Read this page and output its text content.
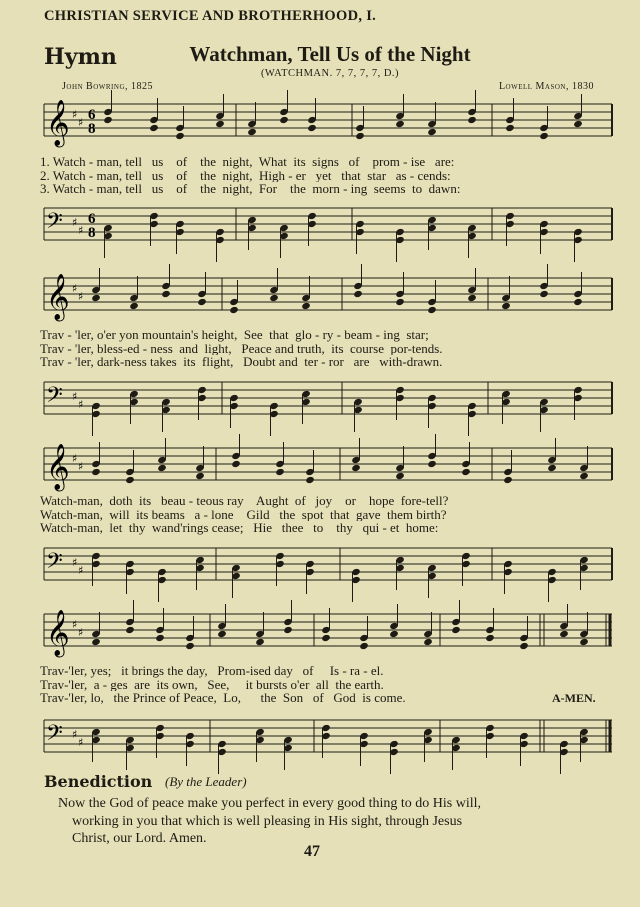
CHRISTIAN SERVICE AND BROTHERHOOD, I.
Hymn	Watchman, Tell Us of the Night
(WATCHMAN. 7, 7, 7, 7, D.)
John Bowring, 1825	Lowell Mason, 1830
𝄞 ♯
♯ 6
8
1. Watch - man, tell   us    of    the  night,  What  its  signs   of    prom - ise   are:
2. Watch - man, tell   us    of    the  night,  High - er   yet   that  star   as - cends:
3. Watch - man, tell   us    of    the  night,  For    the  morn - ing  seems  to  dawn:
𝄢 ♯
♯
6
8
𝄞 ♯
♯
Trav - 'ler, o'er yon mountain's height,  See  that  glo - ry - beam - ing  star;
Trav - 'ler, bless-ed - ness  and  light,   Peace and truth,  its  course  por-tends.
Trav - 'ler, dark-ness takes  its  flight,   Doubt and  ter - ror   are   with-drawn.
𝄢 ♯
♯
𝄞 ♯
♯
Watch-man,  doth  its   beau - teous ray    Aught  of   joy    or    hope  fore-tell?
Watch-man,  will  its beams   a - lone    Gild   the  spot  that  gave  them birth?
Watch-man,  let  thy  wand'rings cease;   Hie   thee   to    thy   qui - et  home:
𝄢 ♯
♯
𝄞 ♯
♯
Trav-'ler, yes;   it brings the day,   Prom-ised day   of     Is - ra - el.
Trav-'ler,  a - ges  are  its own,   See,     it bursts o'er  all  the earth.
Trav-'ler, lo,   the Prince of Peace,  Lo,      the  Son   of   God  is come.	A-MEN.
𝄢 ♯
♯
Benediction (By the Leader)
Now the God of peace make you perfect in every good thing to do His will,
working in you that which is well pleasing in His sight, through Jesus
Christ, our Lord. Amen.
47
